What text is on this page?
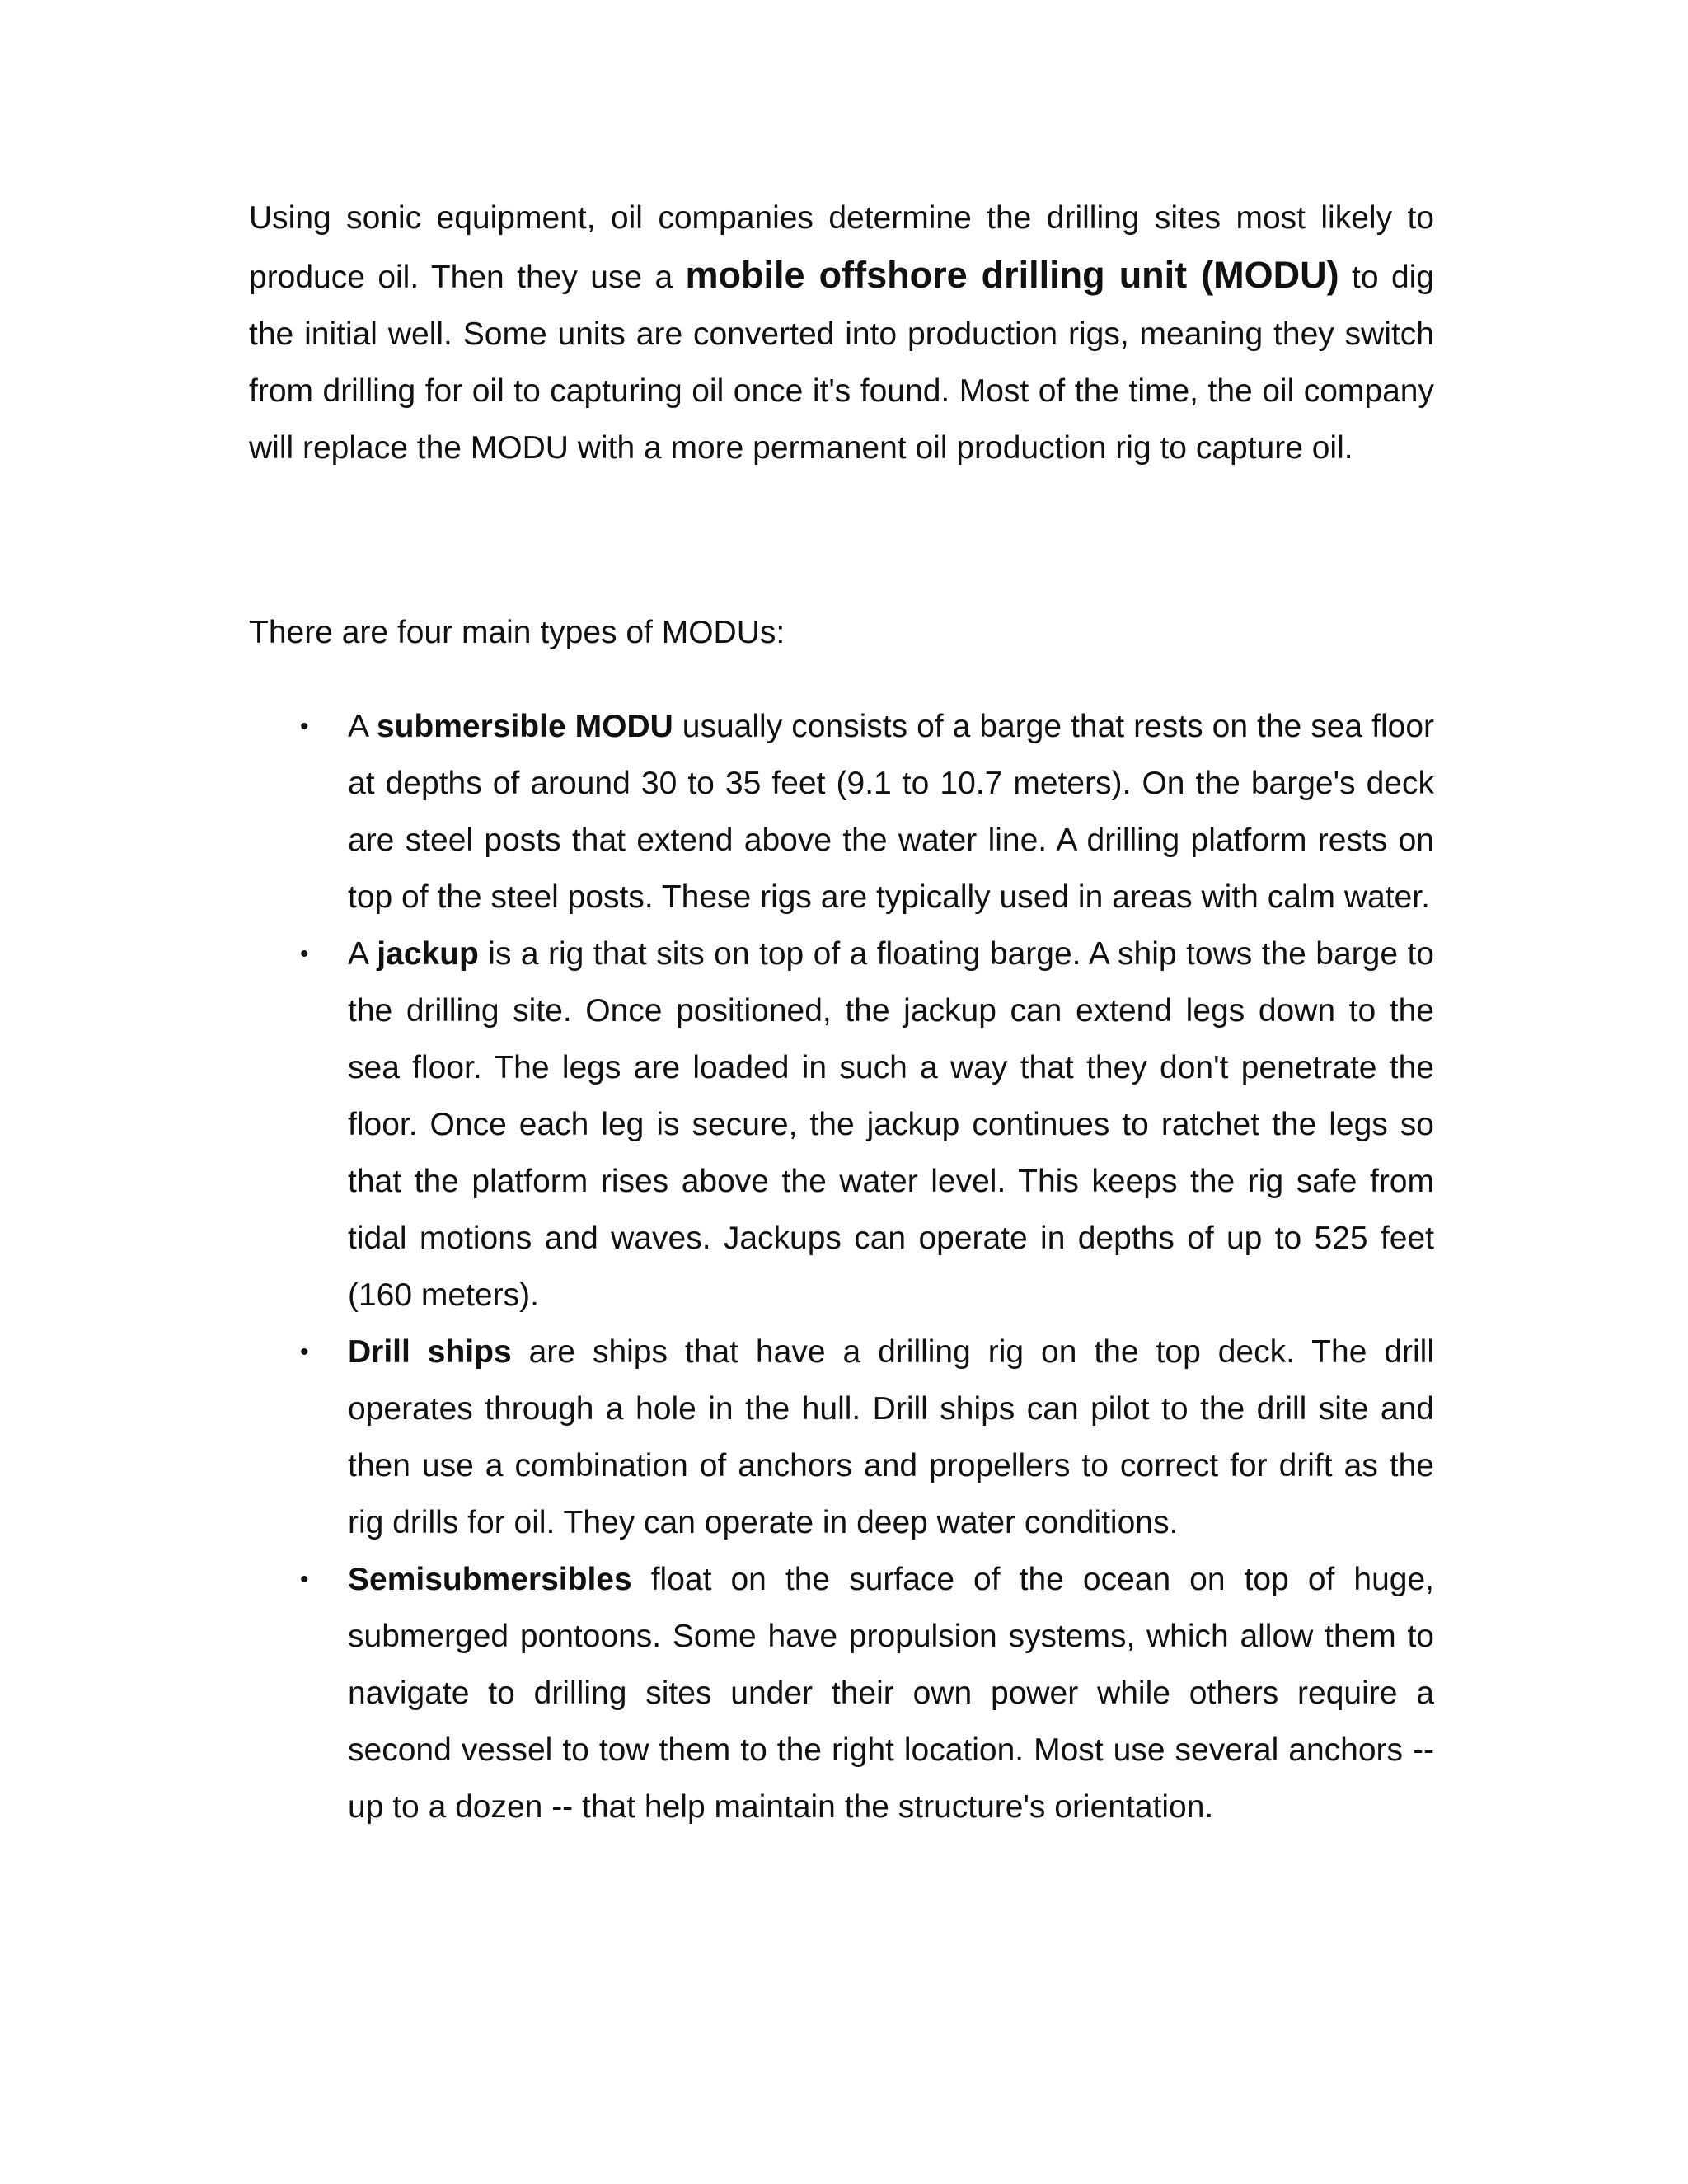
Using sonic equipment, oil companies determine the drilling sites most likely to produce oil. Then they use a mobile offshore drilling unit (MODU) to dig the initial well. Some units are converted into production rigs, meaning they switch from drilling for oil to capturing oil once it's found. Most of the time, the oil company will replace the MODU with a more permanent oil production rig to capture oil.

There are four main types of MODUs:

• A submersible MODU usually consists of a barge that rests on the sea floor at depths of around 30 to 35 feet (9.1 to 10.7 meters). On the barge's deck are steel posts that extend above the water line. A drilling platform rests on top of the steel posts. These rigs are typically used in areas with calm water.
• A jackup is a rig that sits on top of a floating barge. A ship tows the barge to the drilling site. Once positioned, the jackup can extend legs down to the sea floor. The legs are loaded in such a way that they don't penetrate the floor. Once each leg is secure, the jackup continues to ratchet the legs so that the platform rises above the water level. This keeps the rig safe from tidal motions and waves. Jackups can operate in depths of up to 525 feet (160 meters).
• Drill ships are ships that have a drilling rig on the top deck. The drill operates through a hole in the hull. Drill ships can pilot to the drill site and then use a combination of anchors and propellers to correct for drift as the rig drills for oil. They can operate in deep water conditions.
• Semisubmersibles float on the surface of the ocean on top of huge, submerged pontoons. Some have propulsion systems, which allow them to navigate to drilling sites under their own power while others require a second vessel to tow them to the right location. Most use several anchors -- up to a dozen -- that help maintain the structure's orientation.
